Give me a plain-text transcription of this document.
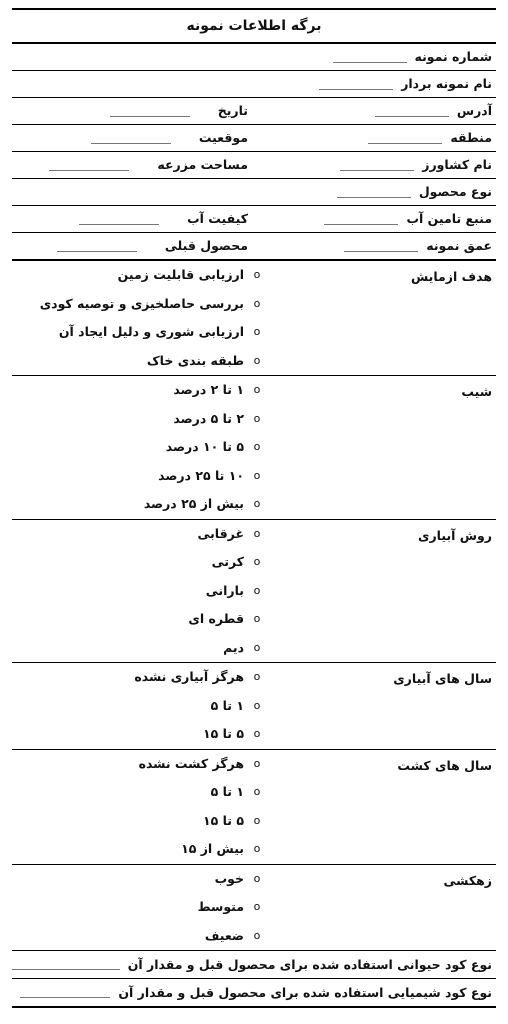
برگه اطلاعات نمونه
شماره نمونه
نام نمونه بردار
آدرس
تاریخ
منطقه
موقعیت
نام کشاورز
مساحت مزرعه
نوع محصول
منبع تامین آب
کیفیت آب
عمق نمونه
محصول قبلی
هدف ازمایش
o
ارزیابی قابلیت زمین
o
بررسی حاصلخیزی و توصیه کودی
o
ارزیابی شوری و دلیل ایجاد آن
o
طبقه بندی خاک
شیب
o
۱ تا ۲ درصد
o
۲ تا ۵ درصد
o
۵ تا ۱۰ درصد
o
۱۰ تا ۲۵ درصد
o
بیش از ۲۵ درصد
روش آبیاری
o
غرقابی
o
کرتی
o
بارانی
o
قطره ای
o
دیم
سال های آبیاری
o
هرگز آبیاری نشده
o
۱ تا ۵
o
۵ تا ۱۵
سال های کشت
o
هرگز کشت نشده
o
۱ تا ۵
o
۵ تا ۱۵
o
بیش از ۱۵
زهکشی
o
خوب
o
متوسط
o
ضعیف
نوع کود حیوانی استفاده شده برای محصول قبل و مقدار آن
نوع کود شیمیایی استفاده شده برای محصول قبل و مقدار آن
